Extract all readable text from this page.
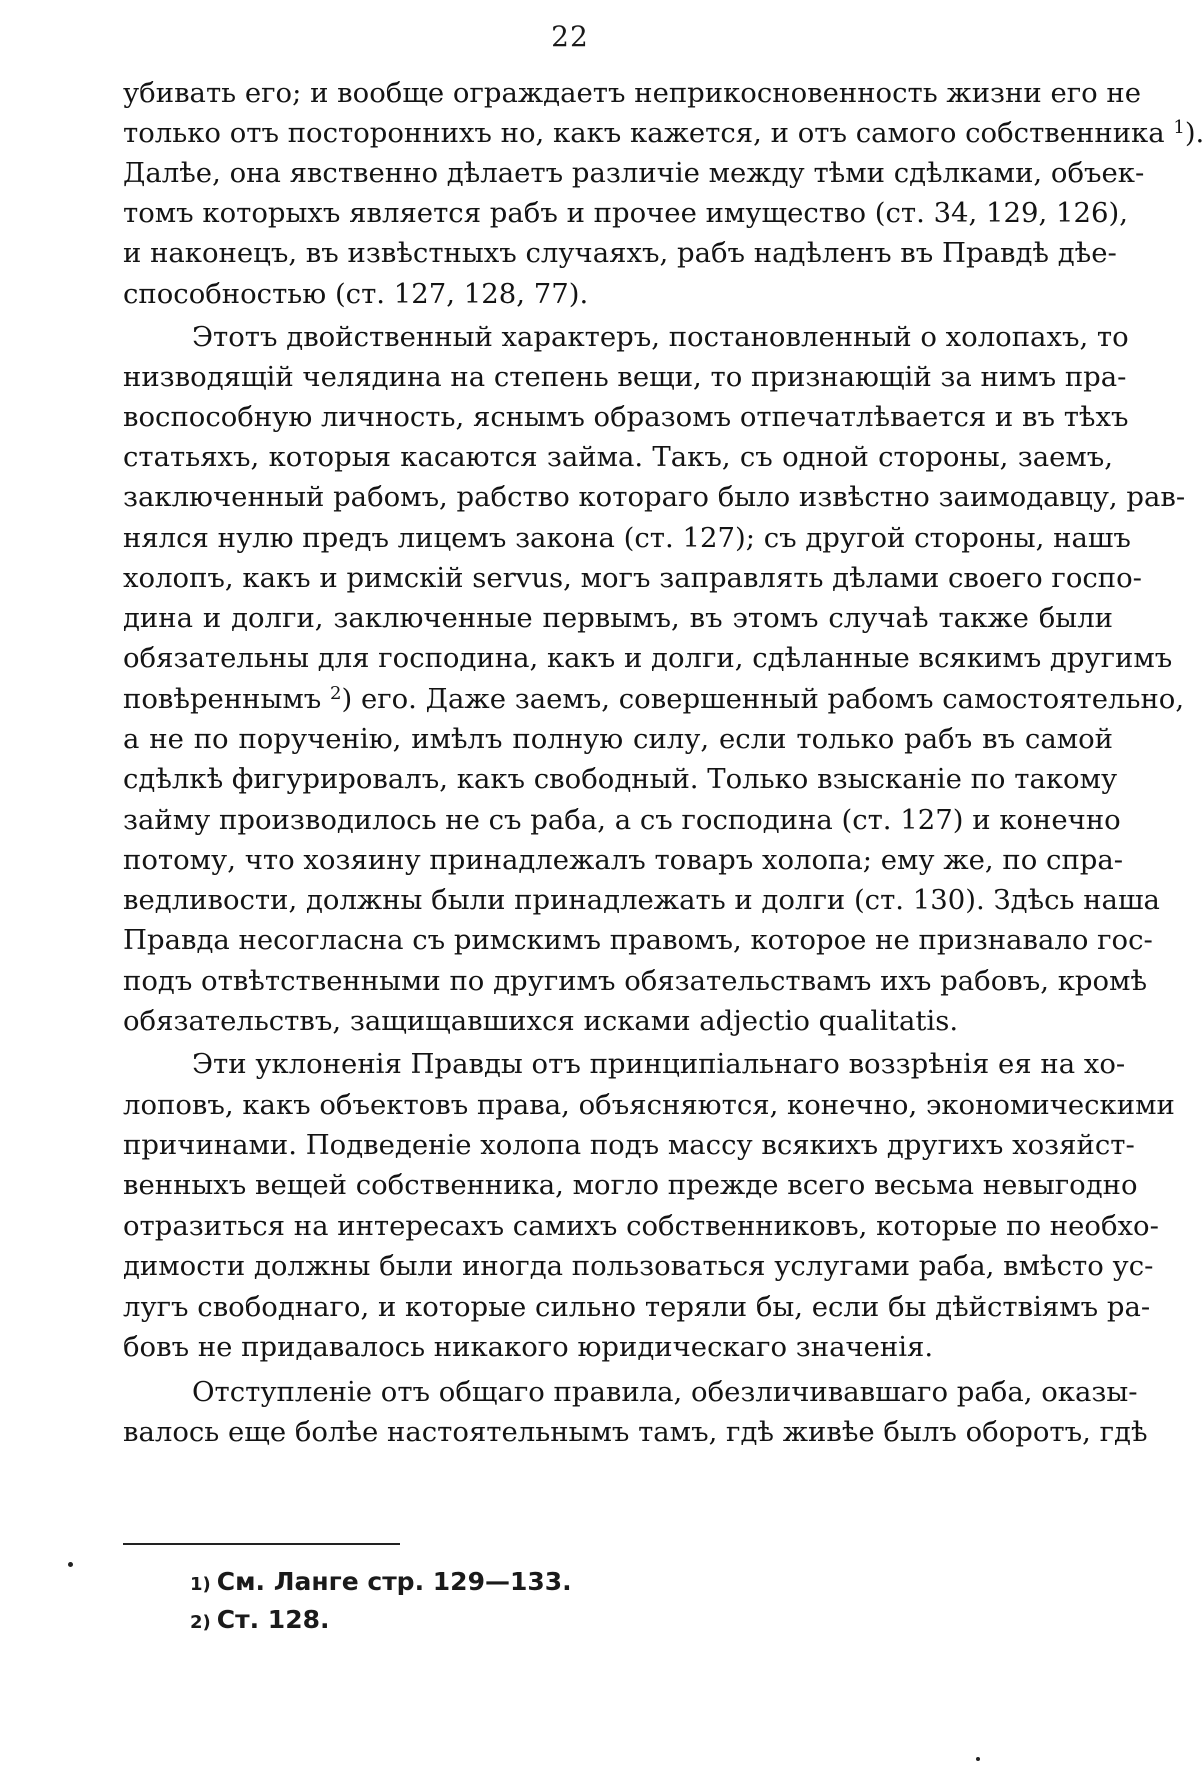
22
убивать его; и вообще ограждаетъ неприкосновенность жизни его не
только отъ постороннихъ но, какъ кажется, и отъ самого собственника $^1$).
Далѣе, она явственно дѣлаетъ различіе между тѣми сдѣлками, объек-
томъ которыхъ является рабъ и прочее имущество (ст. 34, 129, 126),
и наконецъ, въ извѣстныхъ случаяхъ, рабъ надѣленъ въ Правдѣ дѣе-
способностью (ст. 127, 128, 77).
Этотъ двойственный характеръ, постановленный о холопахъ, то
низводящій челядина на степень вещи, то признающій за нимъ пра-
воспособную личность, яснымъ образомъ отпечатлѣвается и въ тѣхъ
статьяхъ, которыя касаются займа. Такъ, съ одной стороны, заемъ,
заключенный рабомъ, рабство котораго было извѣстно заимодавцу, рав-
нялся нулю предъ лицемъ закона (ст. 127); съ другой стороны, нашъ
холопъ, какъ и римскій servus, могъ заправлять дѣлами своего госпо-
дина и долги, заключенные первымъ, въ этомъ случаѣ также были
обязательны для господина, какъ и долги, сдѣланные всякимъ другимъ
повѣреннымъ $^2$) его. Даже заемъ, совершенный рабомъ самостоятельно,
а не по порученію, имѣлъ полную силу, если только рабъ въ самой
сдѣлкѣ фигурировалъ, какъ свободный. Только взысканіе по такому
займу производилось не съ раба, а съ господина (ст. 127) и конечно
потому, что хозяину принадлежалъ товаръ холопа; ему же, по спра-
ведливости, должны были принадлежать и долги (ст. 130). Здѣсь наша
Правда несогласна съ римскимъ правомъ, которое не признавало гос-
подъ отвѣтственными по другимъ обязательствамъ ихъ рабовъ, кромѣ
обязательствъ, защищавшихся исками adjectio qualitatis.
Эти уклоненія Правды отъ принципіальнаго воззрѣнія ея на хо-
лоповъ, какъ объектовъ права, объясняются, конечно, экономическими
причинами. Подведеніе холопа подъ массу всякихъ другихъ хозяйст-
венныхъ вещей собственника, могло прежде всего весьма невыгодно
отразиться на интересахъ самихъ собственниковъ, которые по необхо-
димости должны были иногда пользоваться услугами раба, вмѣсто ус-
лугъ свободнаго, и которые сильно теряли бы, если бы дѣйствіямъ ра-
бовъ не придавалось никакого юридическаго значенія.
Отступленіе отъ общаго правила, обезличивавшаго раба, оказы-
валось еще болѣе настоятельнымъ тамъ, гдѣ живѣе былъ оборотъ, гдѣ
1) См. Ланге стр. 129—133.
2) Ст. 128.
